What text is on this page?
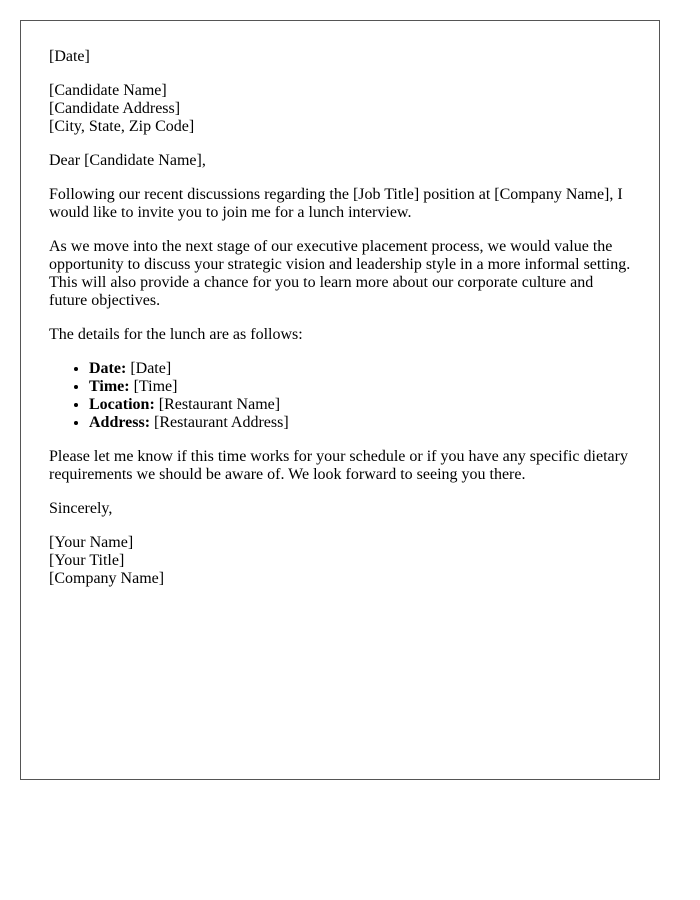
[Date]
[Candidate Name]
[Candidate Address]
[City, State, Zip Code]

Dear [Candidate Name],

Following our recent discussions regarding the [Job Title] position at [Company Name], I would like to invite you to join me for a lunch interview.

As we move into the next stage of our executive placement process, we would value the opportunity to discuss your strategic vision and leadership style in a more informal setting. This will also provide a chance for you to learn more about our corporate culture and future objectives.

The details for the lunch are as follows:

• Date: [Date]
• Time: [Time]
• Location: [Restaurant Name]
• Address: [Restaurant Address]

Please let me know if this time works for your schedule or if you have any specific dietary requirements we should be aware of. We look forward to seeing you there.

Sincerely,

[Your Name]
[Your Title]
[Company Name]
